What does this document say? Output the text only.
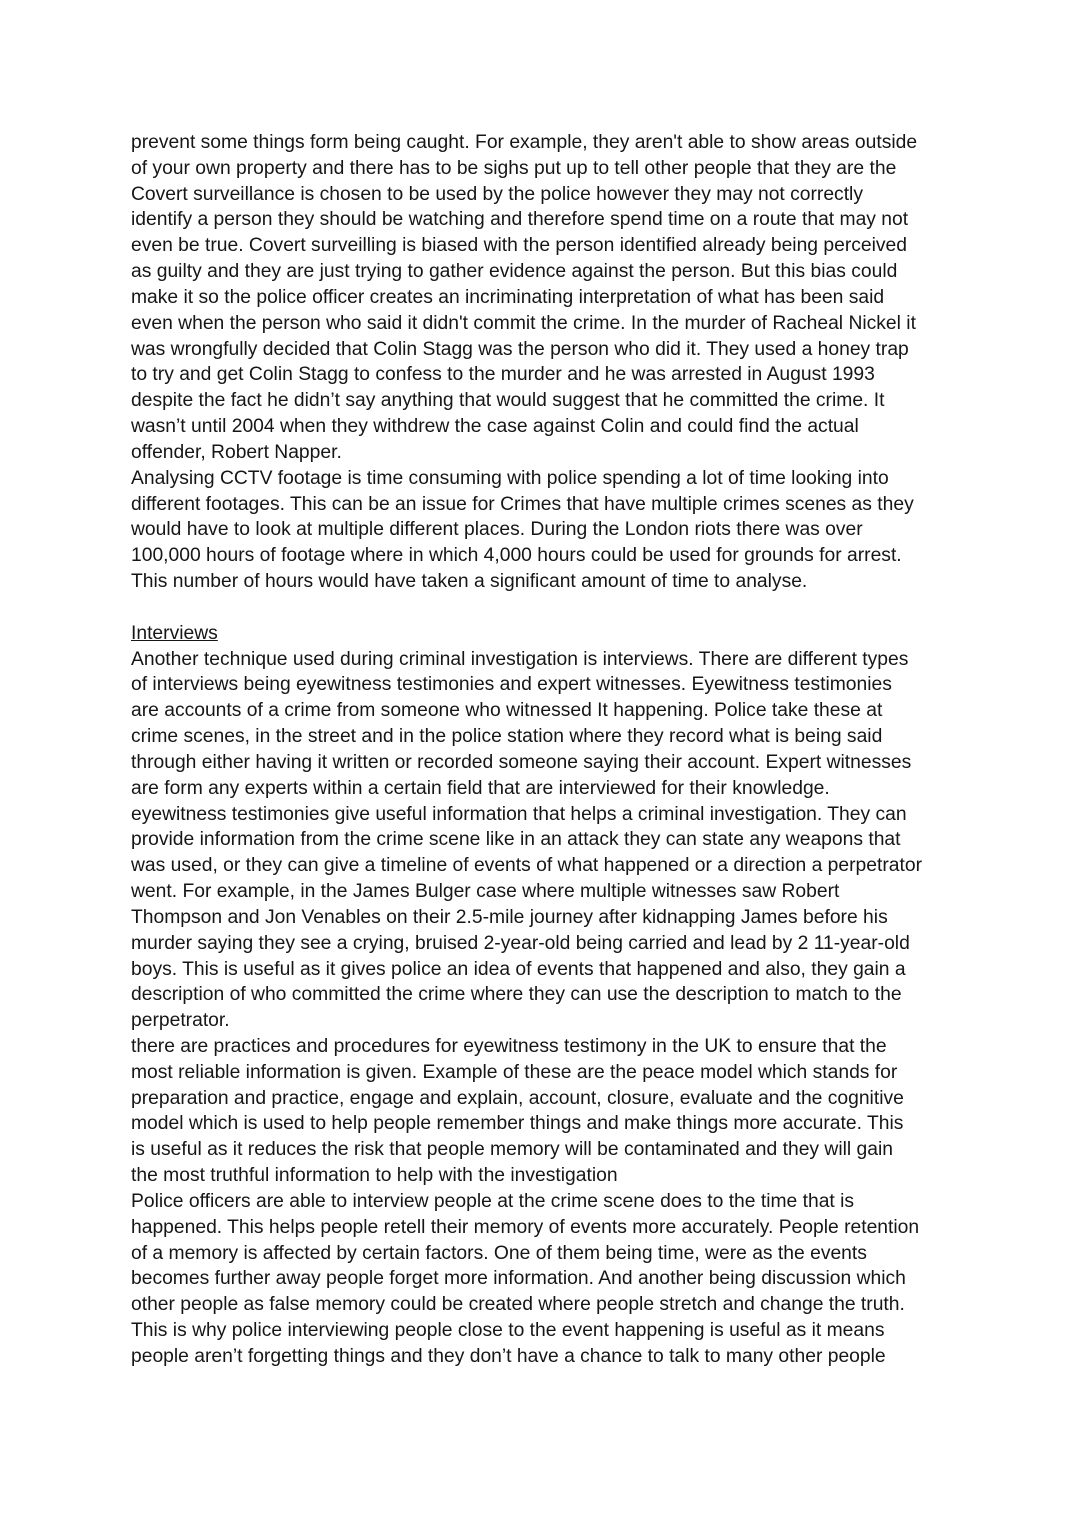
prevent some things form being caught. For example, they aren't able to show areas outside
of your own property and there has to be sighs put up to tell other people that they are the
Covert surveillance is chosen to be used by the police however they may not correctly
identify a person they should be watching and therefore spend time on a route that may not
even be true. Covert surveilling is biased with the person identified already being perceived
as guilty and they are just trying to gather evidence against the person. But this bias could
make it so the police officer creates an incriminating interpretation of what has been said
even when the person who said it didn't commit the crime. In the murder of Racheal Nickel it
was wrongfully decided that Colin Stagg was the person who did it. They used a honey trap
to try and get Colin Stagg to confess to the murder and he was arrested in August 1993
despite the fact he didn’t say anything that would suggest that he committed the crime. It
wasn’t until 2004 when they withdrew the case against Colin and could find the actual
offender, Robert Napper.
Analysing CCTV footage is time consuming with police spending a lot of time looking into
different footages. This can be an issue for Crimes that have multiple crimes scenes as they
would have to look at multiple different places. During the London riots there was over
100,000 hours of footage where in which 4,000 hours could be used for grounds for arrest.
This number of hours would have taken a significant amount of time to analyse.
Interviews
Another technique used during criminal investigation is interviews. There are different types
of interviews being eyewitness testimonies and expert witnesses. Eyewitness testimonies
are accounts of a crime from someone who witnessed It happening. Police take these at
crime scenes, in the street and in the police station where they record what is being said
through either having it written or recorded someone saying their account. Expert witnesses
are form any experts within a certain field that are interviewed for their knowledge.
eyewitness testimonies give useful information that helps a criminal investigation. They can
provide information from the crime scene like in an attack they can state any weapons that
was used, or they can give a timeline of events of what happened or a direction a perpetrator
went. For example, in the James Bulger case where multiple witnesses saw Robert
Thompson and Jon Venables on their 2.5-mile journey after kidnapping James before his
murder saying they see a crying, bruised 2-year-old being carried and lead by 2 11-year-old
boys. This is useful as it gives police an idea of events that happened and also, they gain a
description of who committed the crime where they can use the description to match to the
perpetrator.
there are practices and procedures for eyewitness testimony in the UK to ensure that the
most reliable information is given. Example of these are the peace model which stands for
preparation and practice, engage and explain, account, closure, evaluate and the cognitive
model which is used to help people remember things and make things more accurate. This
is useful as it reduces the risk that people memory will be contaminated and they will gain
the most truthful information to help with the investigation
Police officers are able to interview people at the crime scene does to the time that is
happened. This helps people retell their memory of events more accurately. People retention
of a memory is affected by certain factors. One of them being time, were as the events
becomes further away people forget more information. And another being discussion which
other people as false memory could be created where people stretch and change the truth.
This is why police interviewing people close to the event happening is useful as it means
people aren’t forgetting things and they don’t have a chance to talk to many other people
